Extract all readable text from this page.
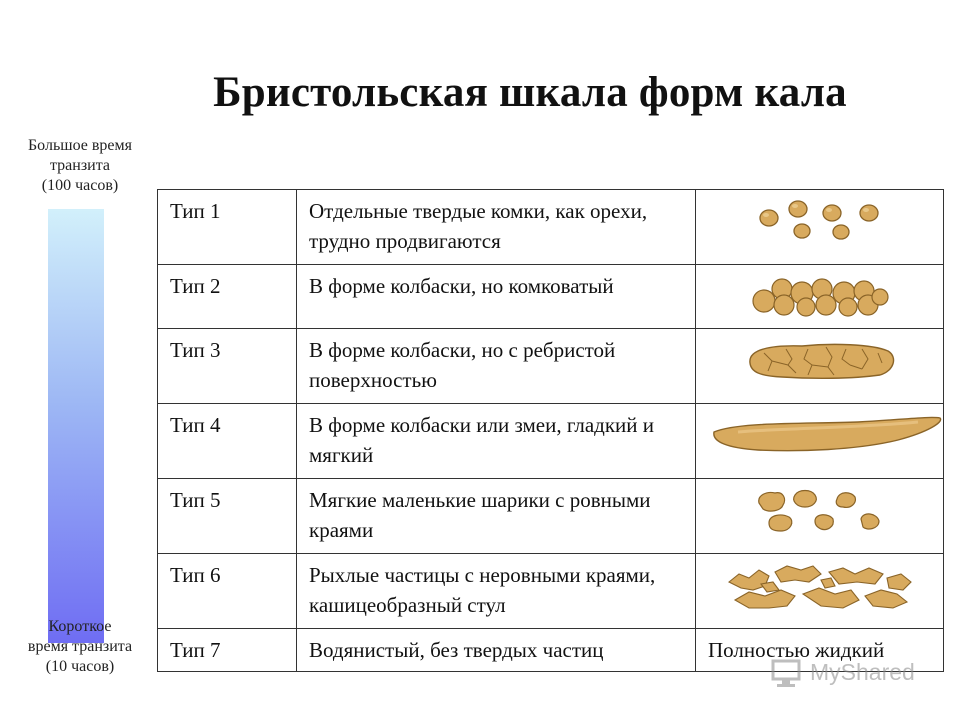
Бристольская шкала форм кала
Большое время
транзита
(100 часов)
Короткое
время транзита
(10 часов)
Тип 1	Отдельные твердые комки, как орехи, трудно продвигаются	

Тип 2	В форме колбаски, но комковатый	

Тип 3	В форме колбаски, но с ребристой поверхностью	

Тип 4	В форме колбаски или змеи, гладкий и мягкий	

Тип 5	Мягкие маленькие шарики с ровными краями	

Тип 6	Рыхлые частицы с неровными краями, кашицеобразный стул	

Тип 7	Водянистый, без твердых частиц	Полностью жидкий
MyShared
